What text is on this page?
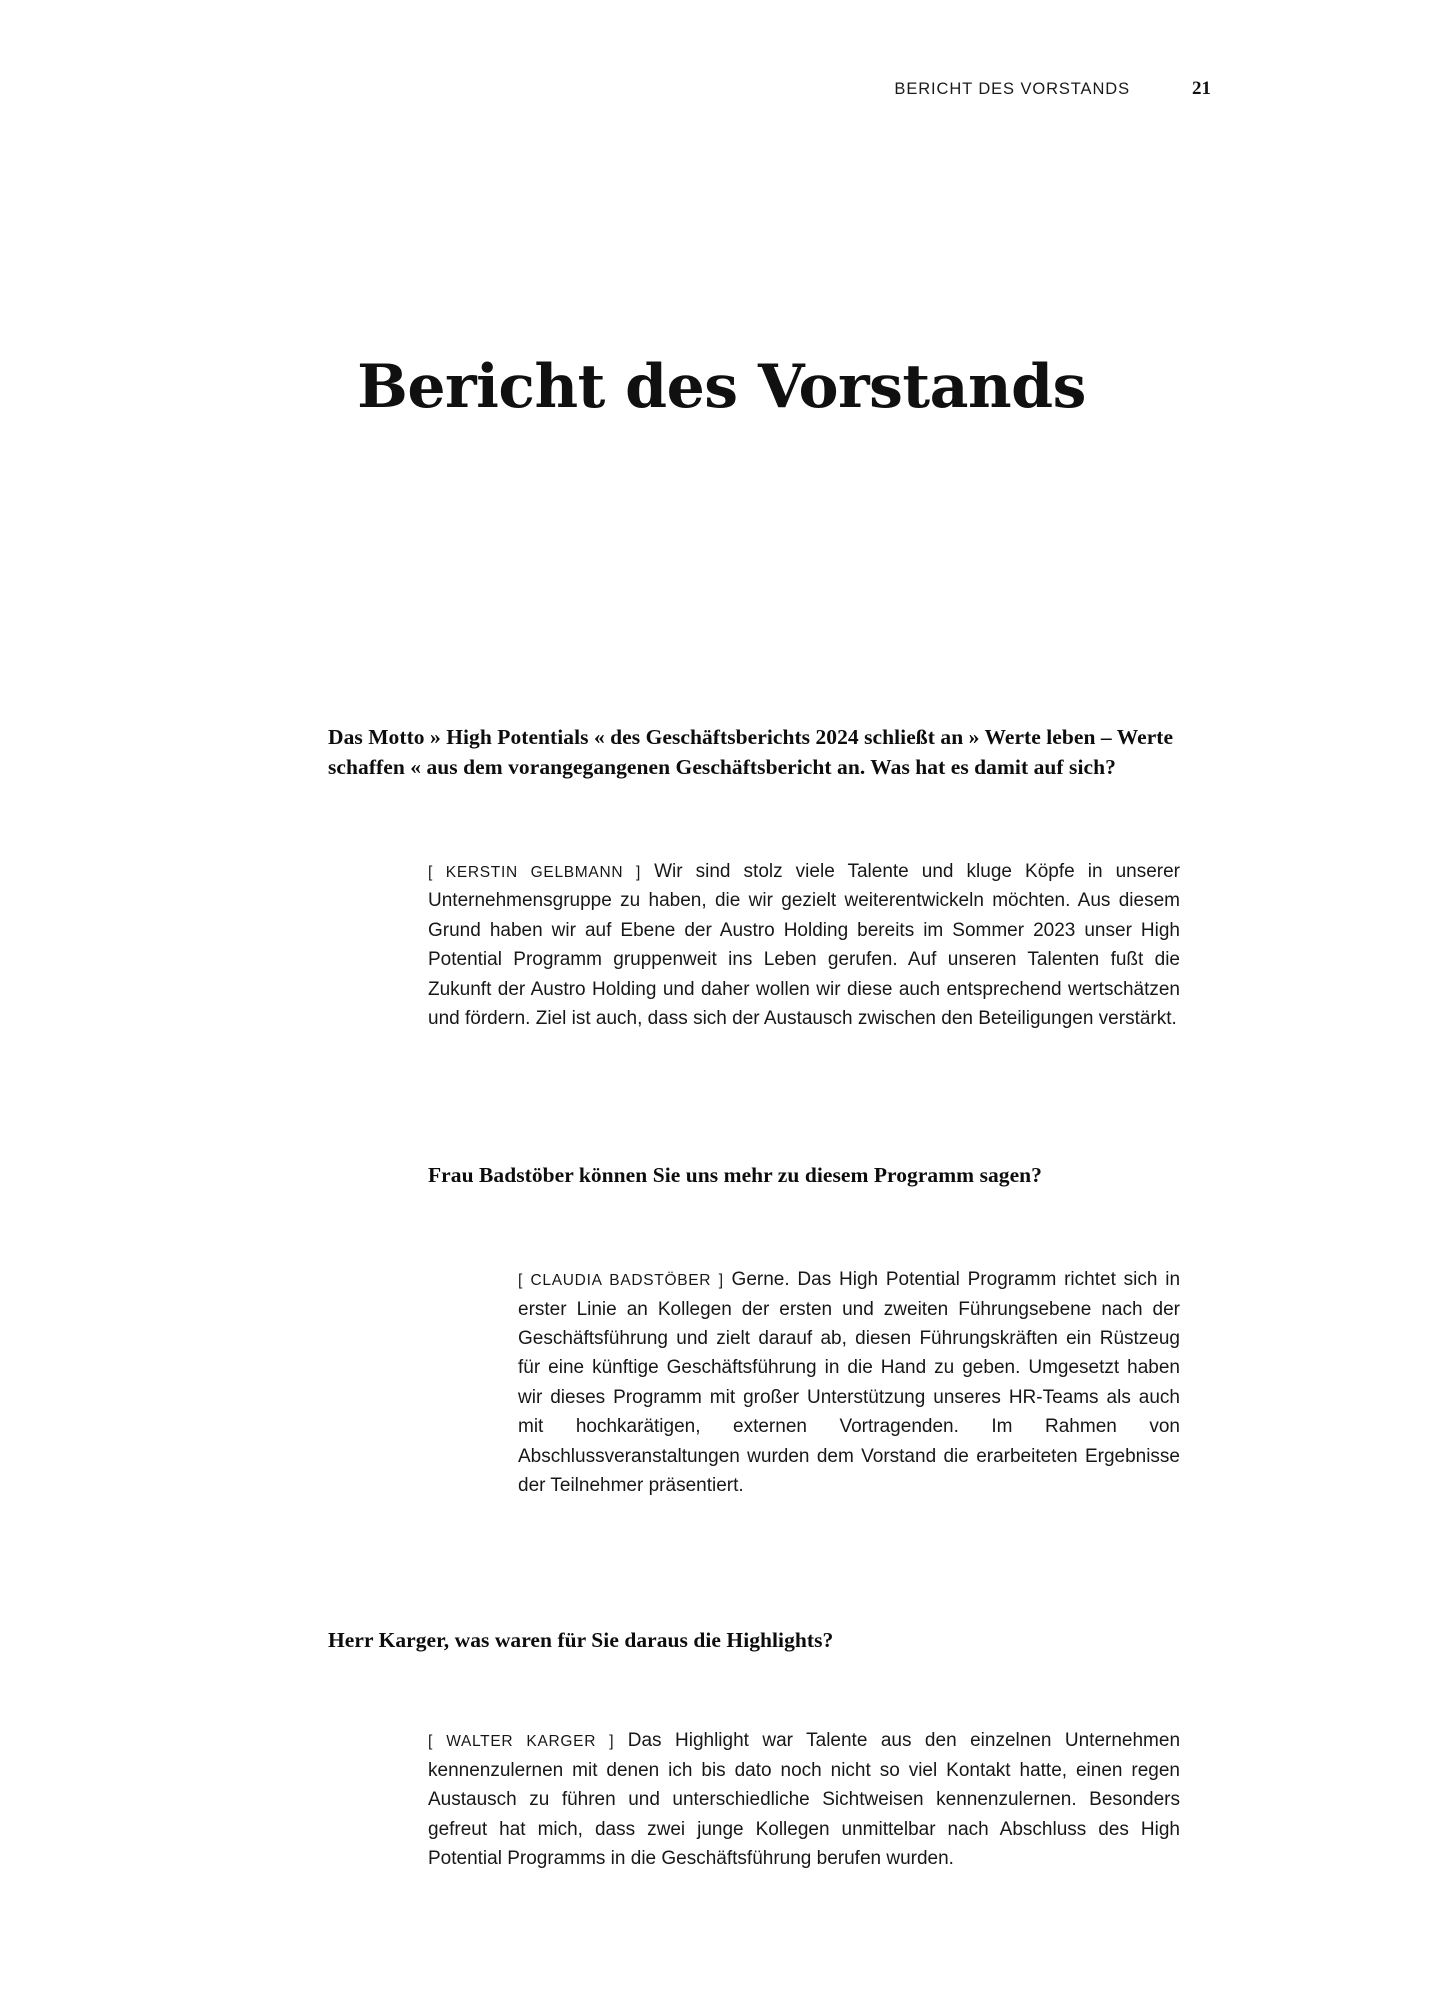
BERICHT DES VORSTANDS	21
Bericht des Vorstands

Das Motto » High Potentials « des Geschäftsberichts 2024 schließt an » Werte leben – Werte schaffen « aus dem vorangegangenen Geschäftsbericht an. Was hat es damit auf sich?

[ KERSTIN GELBMANN ] Wir sind stolz viele Talente und kluge Köpfe in unserer Unternehmensgruppe zu haben, die wir gezielt weiterentwickeln möchten. Aus diesem Grund haben wir auf Ebene der Austro Holding bereits im Sommer 2023 unser High Potential Programm gruppenweit ins Leben gerufen. Auf unseren Talenten fußt die Zukunft der Austro Holding und daher wollen wir diese auch entsprechend wertschätzen und fördern. Ziel ist auch, dass sich der Austausch zwischen den Beteiligungen verstärkt.

Frau Badstöber können Sie uns mehr zu diesem Programm sagen?

[ CLAUDIA BADSTÖBER ] Gerne. Das High Potential Programm richtet sich in erster Linie an Kollegen der ersten und zweiten Führungsebene nach der Geschäftsführung und zielt darauf ab, diesen Führungskräften ein Rüstzeug für eine künftige Geschäftsführung in die Hand zu geben. Umgesetzt haben wir dieses Programm mit großer Unterstützung unseres HR-Teams als auch mit hochkarätigen, externen Vortragenden. Im Rahmen von Abschlussveranstaltungen wurden dem Vorstand die erarbeiteten Ergebnisse der Teilnehmer präsentiert.

Herr Karger, was waren für Sie daraus die Highlights?

[ WALTER KARGER ] Das Highlight war Talente aus den einzelnen Unternehmen kennenzulernen mit denen ich bis dato noch nicht so viel Kontakt hatte, einen regen Austausch zu führen und unterschiedliche Sichtweisen kennenzulernen. Besonders gefreut hat mich, dass zwei junge Kollegen unmittelbar nach Abschluss des High Potential Programms in die Geschäftsführung berufen wurden.
